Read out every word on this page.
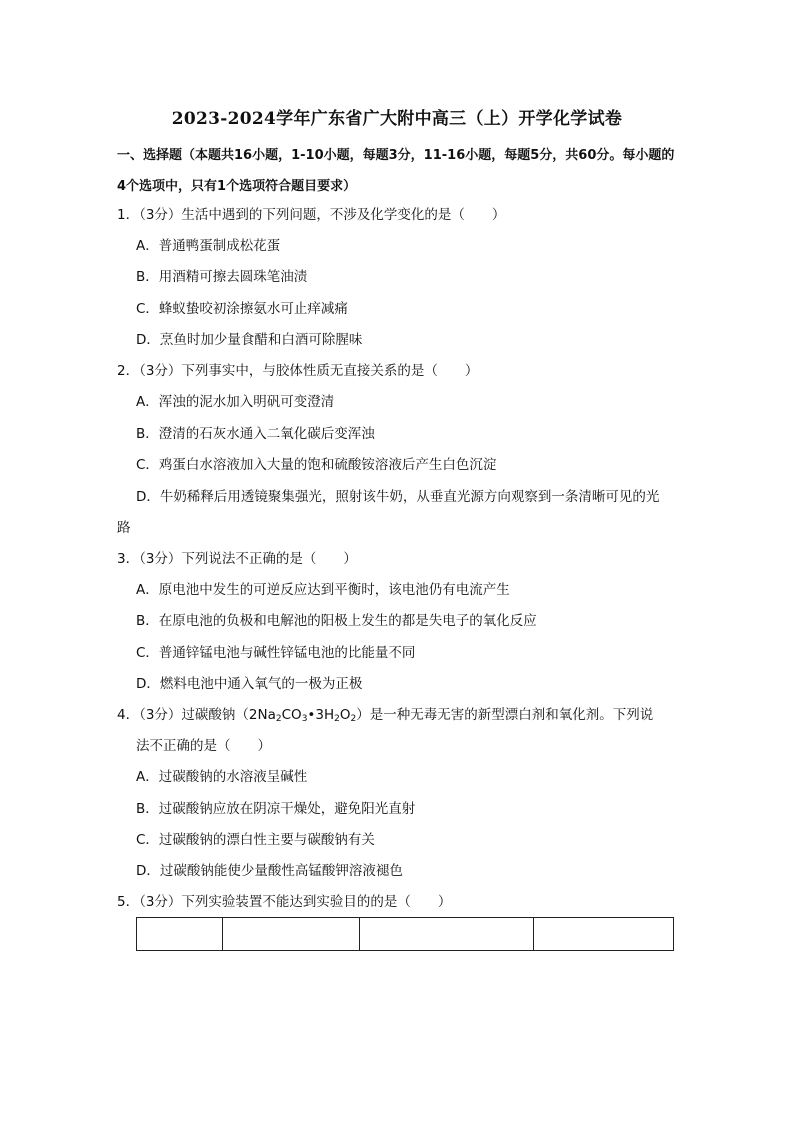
2023-2024学年广东省广大附中高三（上）开学化学试卷
一、选择题（本题共16小题，1-10小题，每题3分，11-16小题，每题5分，共60分。每小题的4个选项中，只有1个选项符合题目要求）
1．（3分）生活中遇到的下列问题，不涉及化学变化的是（　　）
A．普通鸭蛋制成松花蛋
B．用酒精可擦去圆珠笔油渍
C．蜂蚁蛰咬初涂擦氨水可止痒减痛
D．烹鱼时加少量食醋和白酒可除腥味
2．（3分）下列事实中，与胶体性质无直接关系的是（　　）
A．浑浊的泥水加入明矾可变澄清
B．澄清的石灰水通入二氧化碳后变浑浊
C．鸡蛋白水溶液加入大量的饱和硫酸铵溶液后产生白色沉淀
D．牛奶稀释后用透镜聚集强光，照射该牛奶，从垂直光源方向观察到一条清晰可见的光
路
3．（3分）下列说法不正确的是（　　）
A．原电池中发生的可逆反应达到平衡时，该电池仍有电流产生
B．在原电池的负极和电解池的阳极上发生的都是失电子的氧化反应
C．普通锌锰电池与碱性锌锰电池的比能量不同
D．燃料电池中通入氧气的一极为正极
4．（3分）过碳酸钠$(2Na_2CO_3•3H_2O_2)$是一种无毒无害的新型漂白剂和氧化剂。下列说
法不正确的是（　　）
A．过碳酸钠的水溶液呈碱性
B．过碳酸钠应放在阴凉干燥处，避免阳光直射
C．过碳酸钠的漂白性主要与碳酸钠有关
D．过碳酸钠能使少量酸性高锰酸钾溶液褪色
5．（3分）下列实验装置不能达到实验目的的是（　　）
